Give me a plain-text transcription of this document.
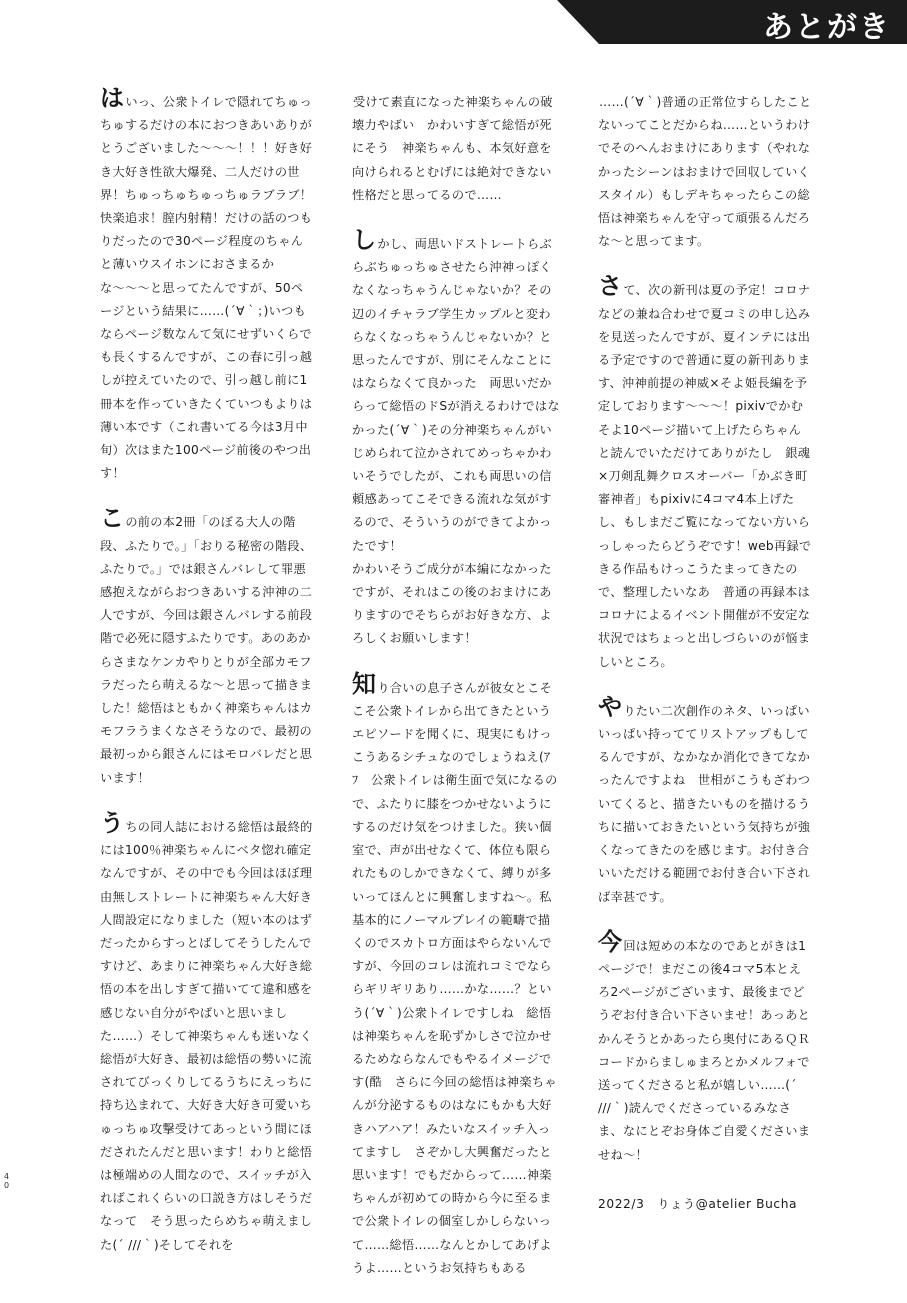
あとがき

はいっ、公衆トイレで隠れてちゅっちゅするだけの本におつきあいありがとうございました〜〜〜！！！好き好き大好き性欲大爆発、二人だけの世界！ちゅっちゅちゅっちゅラブラブ！快楽追求！膣内射精！だけの話のつもりだったので30ページ程度のちゃんと薄いウスイホンにおさまるかな〜〜〜と思ってたんですが、50ページという結果に……(´∀｀；)いつもならページ数なんて気にせずいくらでも長くするんですが、この春に引っ越しが控えていたので、引っ越し前に1冊本を作っていきたくていつもよりは薄い本です（これ書いてる今は3月中旬）次はまた100ページ前後のやつ出す！

この前の本2冊「のぼる大人の階段、ふたりで。」「おりる秘密の階段、ふたりで。」では銀さんバレして罪悪感抱えながらおつきあいする沖神の二人ですが、今回は銀さんバレする前段階で必死に隠すふたりです。あのあからさまなケンカやりとりが全部カモフラだったら萌えるな〜と思って描きました！総悟はともかく神楽ちゃんはカモフラうまくなさそうなので、最初の最初っから銀さんにはモロバレだと思います！

うちの同人誌における総悟は最終的には100％神楽ちゃんにベタ惚れ確定なんですが、その中でも今回はほぼ理由無しストレートに神楽ちゃん大好き人間設定になりました（短い本のはずだったからすっとばしてそうしたんですけど、あまりに神楽ちゃん大好き総悟の本を出しすぎて描いてて違和感を感じない自分がやばいと思いました……）そして神楽ちゃんも迷いなく総悟が大好き、最初は総悟の勢いに流されてびっくりしてるうちにえっちに持ち込まれて、大好き大好き可愛いちゅっちゅ攻撃受けてあっという間にほだされたんだと思います！わりと総悟は極端めの人間なので、スイッチが入ればこれくらいの口説き方はしそうだなって　そう思ったらめちゃ萌えました(´ ///｀)そしてそれを

受けて素直になった神楽ちゃんの破壊力やばい　かわいすぎて総悟が死にそう　神楽ちゃんも、本気好意を向けられるとむげには絶対できない性格だと思ってるので……

しかし、両思いドストレートらぶらぶちゅっちゅさせたら沖神っぽくなくなっちゃうんじゃないか？その辺のイチャラブ学生カップルと変わらなくなっちゃうんじゃないか？と思ったんですが、別にそんなことにはならなくて良かった　両思いだからって総悟のドSが消えるわけではなかった(´∀｀)その分神楽ちゃんがいじめられて泣かされてめっちゃかわいそうでしたが、これも両思いの信頼感あってこそできる流れな気がするので、そういうのができてよかったです！
かわいそうご成分が本編になかったですが、それはこの後のおまけにありますのでそちらがお好きな方、よろしくお願いします！

知り合いの息子さんが彼女とこそこそ公衆トイレから出てきたというエピソードを聞くに、現実にもけっこうあるシチュなのでしょうねえ(ｱ　ﾌ　公衆トイレは衛生面で気になるので、ふたりに膝をつかせないようにするのだけ気をつけました。狭い個室で、声が出せなくて、体位も限られたものしかできなくて、縛りが多いってほんとに興奮しますね〜。私基本的にノーマルプレイの範疇で描くのでスカトロ方面はやらないんですが、今回のコレは流れコミでなららギリギリあり……かな……？という(´∀｀)公衆トイレですしね　総悟は神楽ちゃんを恥ずかしさで泣かせるためならなんでもやるイメージです(酷　さらに今回の総悟は神楽ちゃんが分泌するものはなにもかも大好きハアハア！みたいなスイッチ入ってますし　さぞかし大興奮だったと思います！でもだからって……神楽ちゃんが初めての時から今に至るまで公衆トイレの個室しかしらないって……総悟……なんとかしてあげようよ……というお気持ちもある

……(´∀｀)普通の正常位すらしたことないってことだからね……というわけでそのへんおまけにあります（やれなかったシーンはおまけで回収していくスタイル）もしデキちゃったらこの総悟は神楽ちゃんを守って頑張るんだろな〜と思ってます。

さて、次の新刊は夏の予定！コロナなどの兼ね合わせで夏コミの申し込みを見送ったんですが、夏インテには出る予定ですので普通に夏の新刊あります、沖神前提の神威×そよ姫長編を予定しております〜〜〜！pixivでかむそよ10ページ描いて上げたらちゃんと読んでいただけてありがたし　銀魂×刀剣乱舞クロスオーバー「かぶき町審神者」もpixivに4コマ4本上げたし、もしまだご覧になってない方いらっしゃったらどうぞです！web再録できる作品もけっこうたまってきたので、整理したいなあ　普通の再録本はコロナによるイベント開催が不安定な状況ではちょっと出しづらいのが悩ましいところ。

やりたい二次創作のネタ、いっぱいいっぱい持っててリストアップもしてるんですが、なかなか消化できてなかったんですよね　世相がこうもざわついてくると、描きたいものを描けるうちに描いておきたいという気持ちが強くなってきたのを感じます。お付き合いいただける範囲でお付き合い下されば幸甚です。

今回は短めの本なのであとがきは1ページで！まだこの後4コマ5本とえろ2ページがございます、最後までどうぞお付き合い下さいませ！あっあとかんそうとかあったら奥付にあるＱＲコードからましゅまろとかメルフォで送ってくださると私が嬉しい……(´ ///｀)読んでくださっているみなさま、なにとぞお身体ご自愛くださいませね〜！

2022/3　りょう@atelier Bucha

40
